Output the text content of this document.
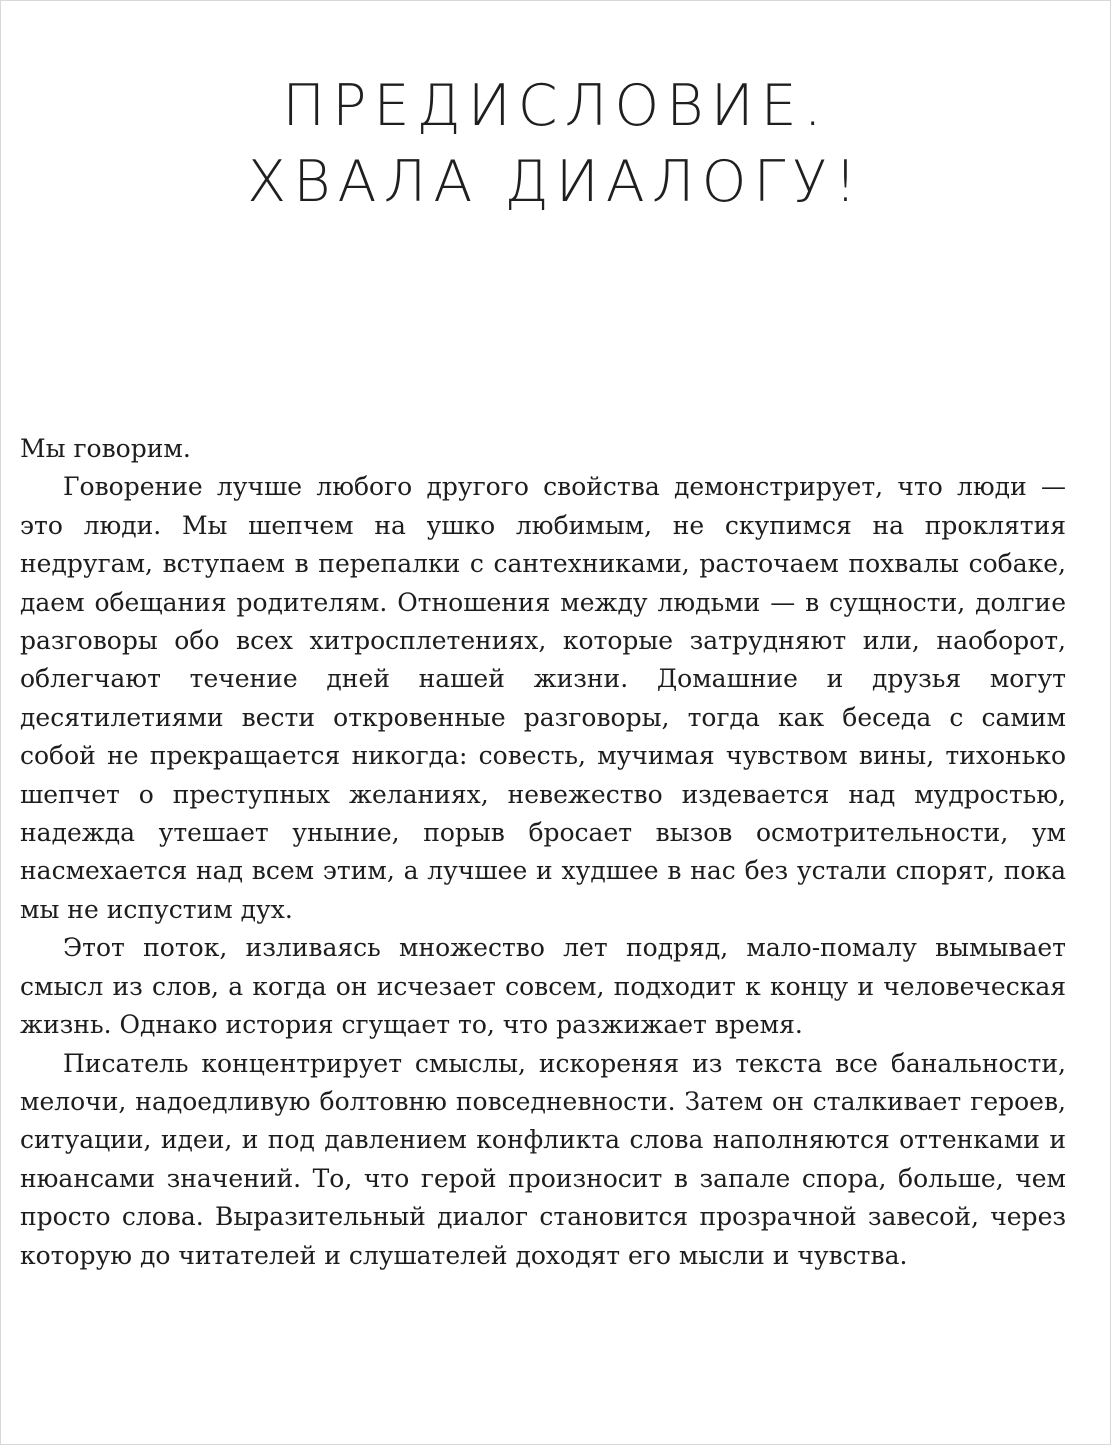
ПРЕДИСЛОВИЕ.
ХВАЛА ДИАЛОГУ!

Мы говорим.

Говорение лучше любого другого свойства демонстрирует, что люди — это люди. Мы шепчем на ушко любимым, не скупимся на проклятия недругам, вступаем в перепалки с сантехниками, расточаем похвалы собаке, даем обещания родителям. Отношения между людьми — в сущности, долгие разговоры обо всех хитросплетениях, которые затрудняют или, наоборот, облегчают течение дней нашей жизни. Домашние и друзья могут десятилетиями вести откровенные разговоры, тогда как беседа с самим собой не прекращается никогда: совесть, мучимая чувством вины, тихонько шепчет о преступных желаниях, невежество издевается над мудростью, надежда утешает уныние, порыв бросает вызов осмотрительности, ум насмехается над всем этим, а лучшее и худшее в нас без устали спорят, пока мы не испустим дух.

Этот поток, изливаясь множество лет подряд, мало-помалу вымывает смысл из слов, а когда он исчезает совсем, подходит к концу и человеческая жизнь. Однако история сгущает то, что разжижает время.

Писатель концентрирует смыслы, искореняя из текста все банальности, мелочи, надоедливую болтовню повседневности. Затем он сталкивает героев, ситуации, идеи, и под давлением конфликта слова наполняются оттенками и нюансами значений. То, что герой произносит в запале спора, больше, чем просто слова. Выразительный диалог становится прозрачной завесой, через которую до читателей и слушателей доходят его мысли и чувства.
